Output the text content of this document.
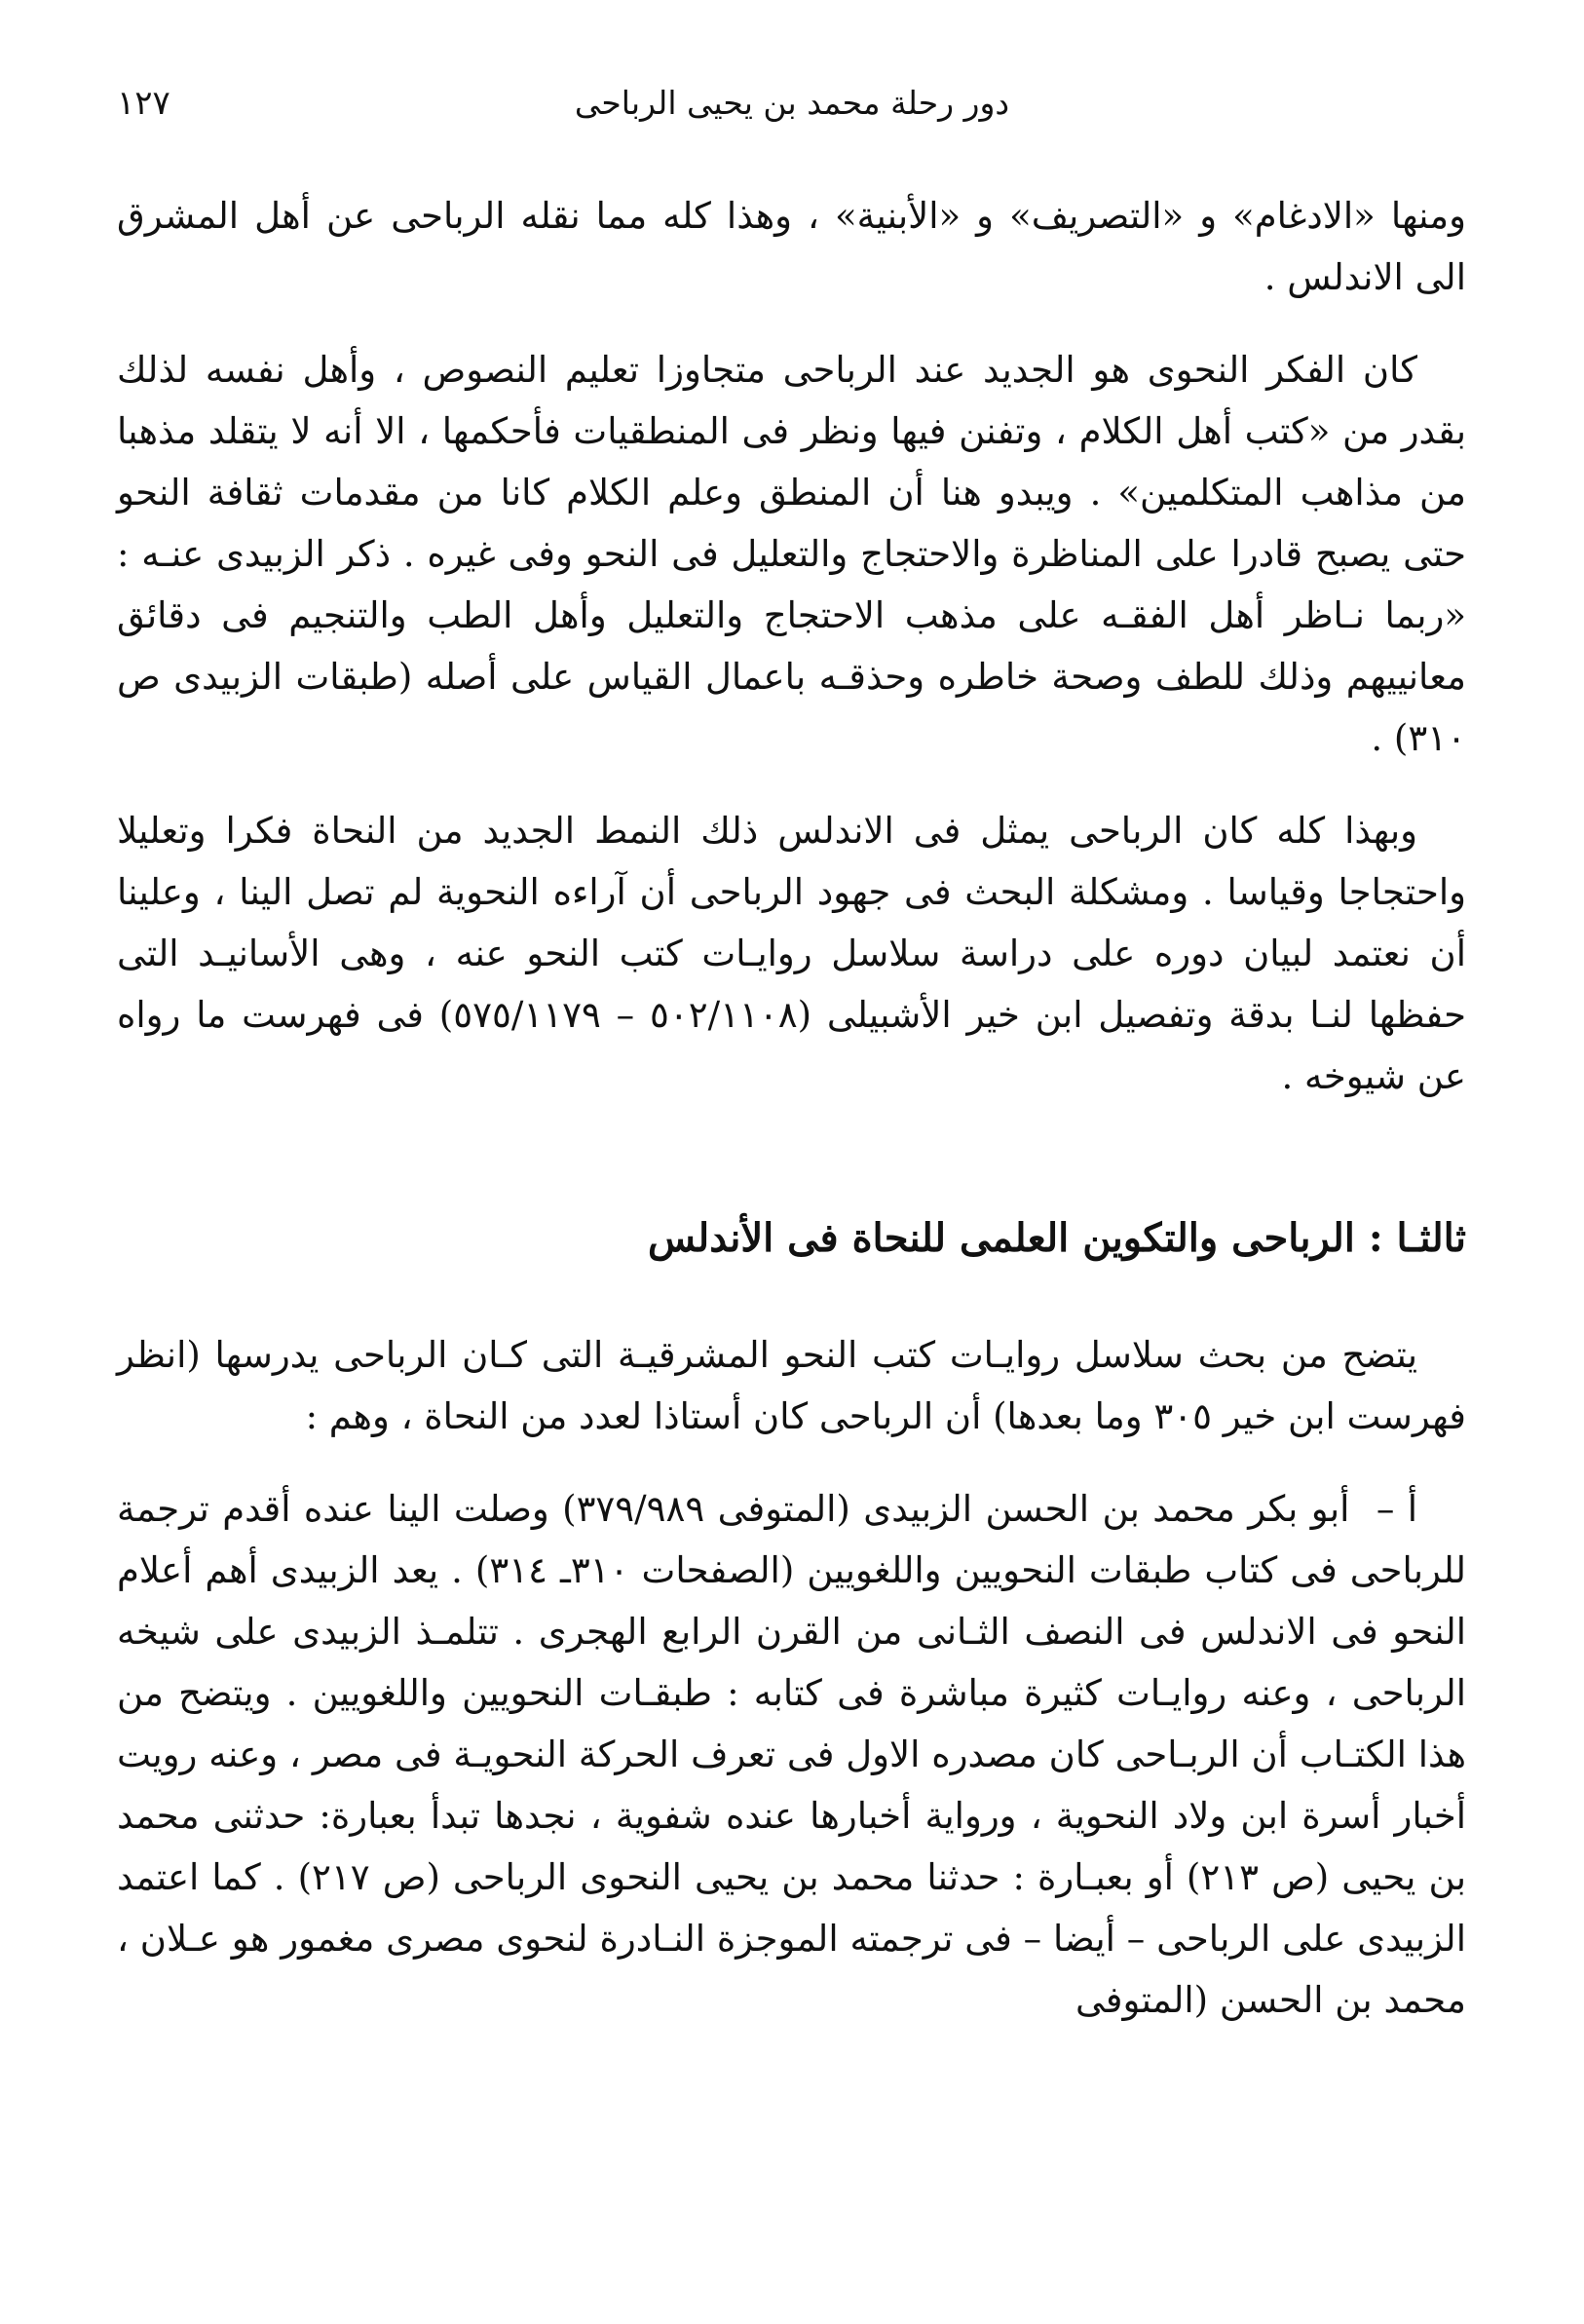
دور رحلة محمد بن يحيى الرباحى
١٢٧

ومنها «الادغام» و «التصريف» و «الأبنية» ، وهذا كله مما نقله الرباحى عن أهل المشرق الى الاندلس .

كان الفكر النحوى هو الجديد عند الرباحى متجاوزا تعليم النصوص ، وأهل نفسه لذلك بقدر من «كتب أهل الكلام ، وتفنن فيها ونظر فى المنطقيات فأحكمها ، الا أنه لا يتقلد مذهبا من مذاهب المتكلمين» . ويبدو هنا أن المنطق وعلم الكلام كانا من مقدمات ثقافة النحو حتى يصبح قادرا على المناظرة والاحتجاج والتعليل فى النحو وفى غيره . ذكر الزبيدى عنـه : «ربما نـاظر أهل الفقـه على مذهب الاحتجاج والتعليل وأهل الطب والتنجيم فى دقائق معانييهم وذلك للطف وصحة خاطره وحذقـه باعمال القياس على أصله (طبقات الزبيدى ص ٣١٠) .

وبهذا كله كان الرباحى يمثل فى الاندلس ذلك النمط الجديد من النحاة فكرا وتعليلا واحتجاجا وقياسا . ومشكلة البحث فى جهود الرباحى أن آراءه النحوية لم تصل الينا ، وعلينا أن نعتمد لبيان دوره على دراسة سلاسل روايـات كتب النحو عنه ، وهى الأسانيـد التى حفظها لنـا بدقة وتفصيل ابن خير الأشبيلى (٥٠٢/١١٠٨ – ٥٧٥/١١٧٩) فى فهرست ما رواه عن شيوخه .

ثالثـا : الرباحى والتكوين العلمى للنحاة فى الأندلس

يتضح من بحث سلاسل روايـات كتب النحو المشرقيـة التى كـان الرباحى يدرسها (انظر فهرست ابن خير ٣٠٥ وما بعدها) أن الرباحى كان أستاذا لعدد من النحاة ، وهم :

أ – أبو بكر محمد بن الحسن الزبيدى (المتوفى ٣٧٩/٩٨٩) وصلت الينا عنده أقدم ترجمة للرباحى فى كتاب طبقات النحويين واللغويين (الصفحات ٣١٠ـ ٣١٤) . يعد الزبيدى أهم أعلام النحو فى الاندلس فى النصف الثـانى من القرن الرابع الهجرى . تتلمـذ الزبيدى على شيخه الرباحى ، وعنه روايـات كثيرة مباشرة فى كتابه : طبقـات النحويين واللغويين . ويتضح من هذا الكتـاب أن الربـاحى كان مصدره الاول فى تعرف الحركة النحويـة فى مصر ، وعنه رويت أخبار أسرة ابن ولاد النحوية ، ورواية أخبارها عنده شفوية ، نجدها تبدأ بعبارة: حدثنى محمد بن يحيى (ص ٢١٣) أو بعبـارة : حدثنا محمد بن يحيى النحوى الرباحى (ص ٢١٧) . كما اعتمد الزبيدى على الرباحى – أيضا – فى ترجمته الموجزة النـادرة لنحوى مصرى مغمور هو عـلان ، محمد بن الحسن (المتوفى
